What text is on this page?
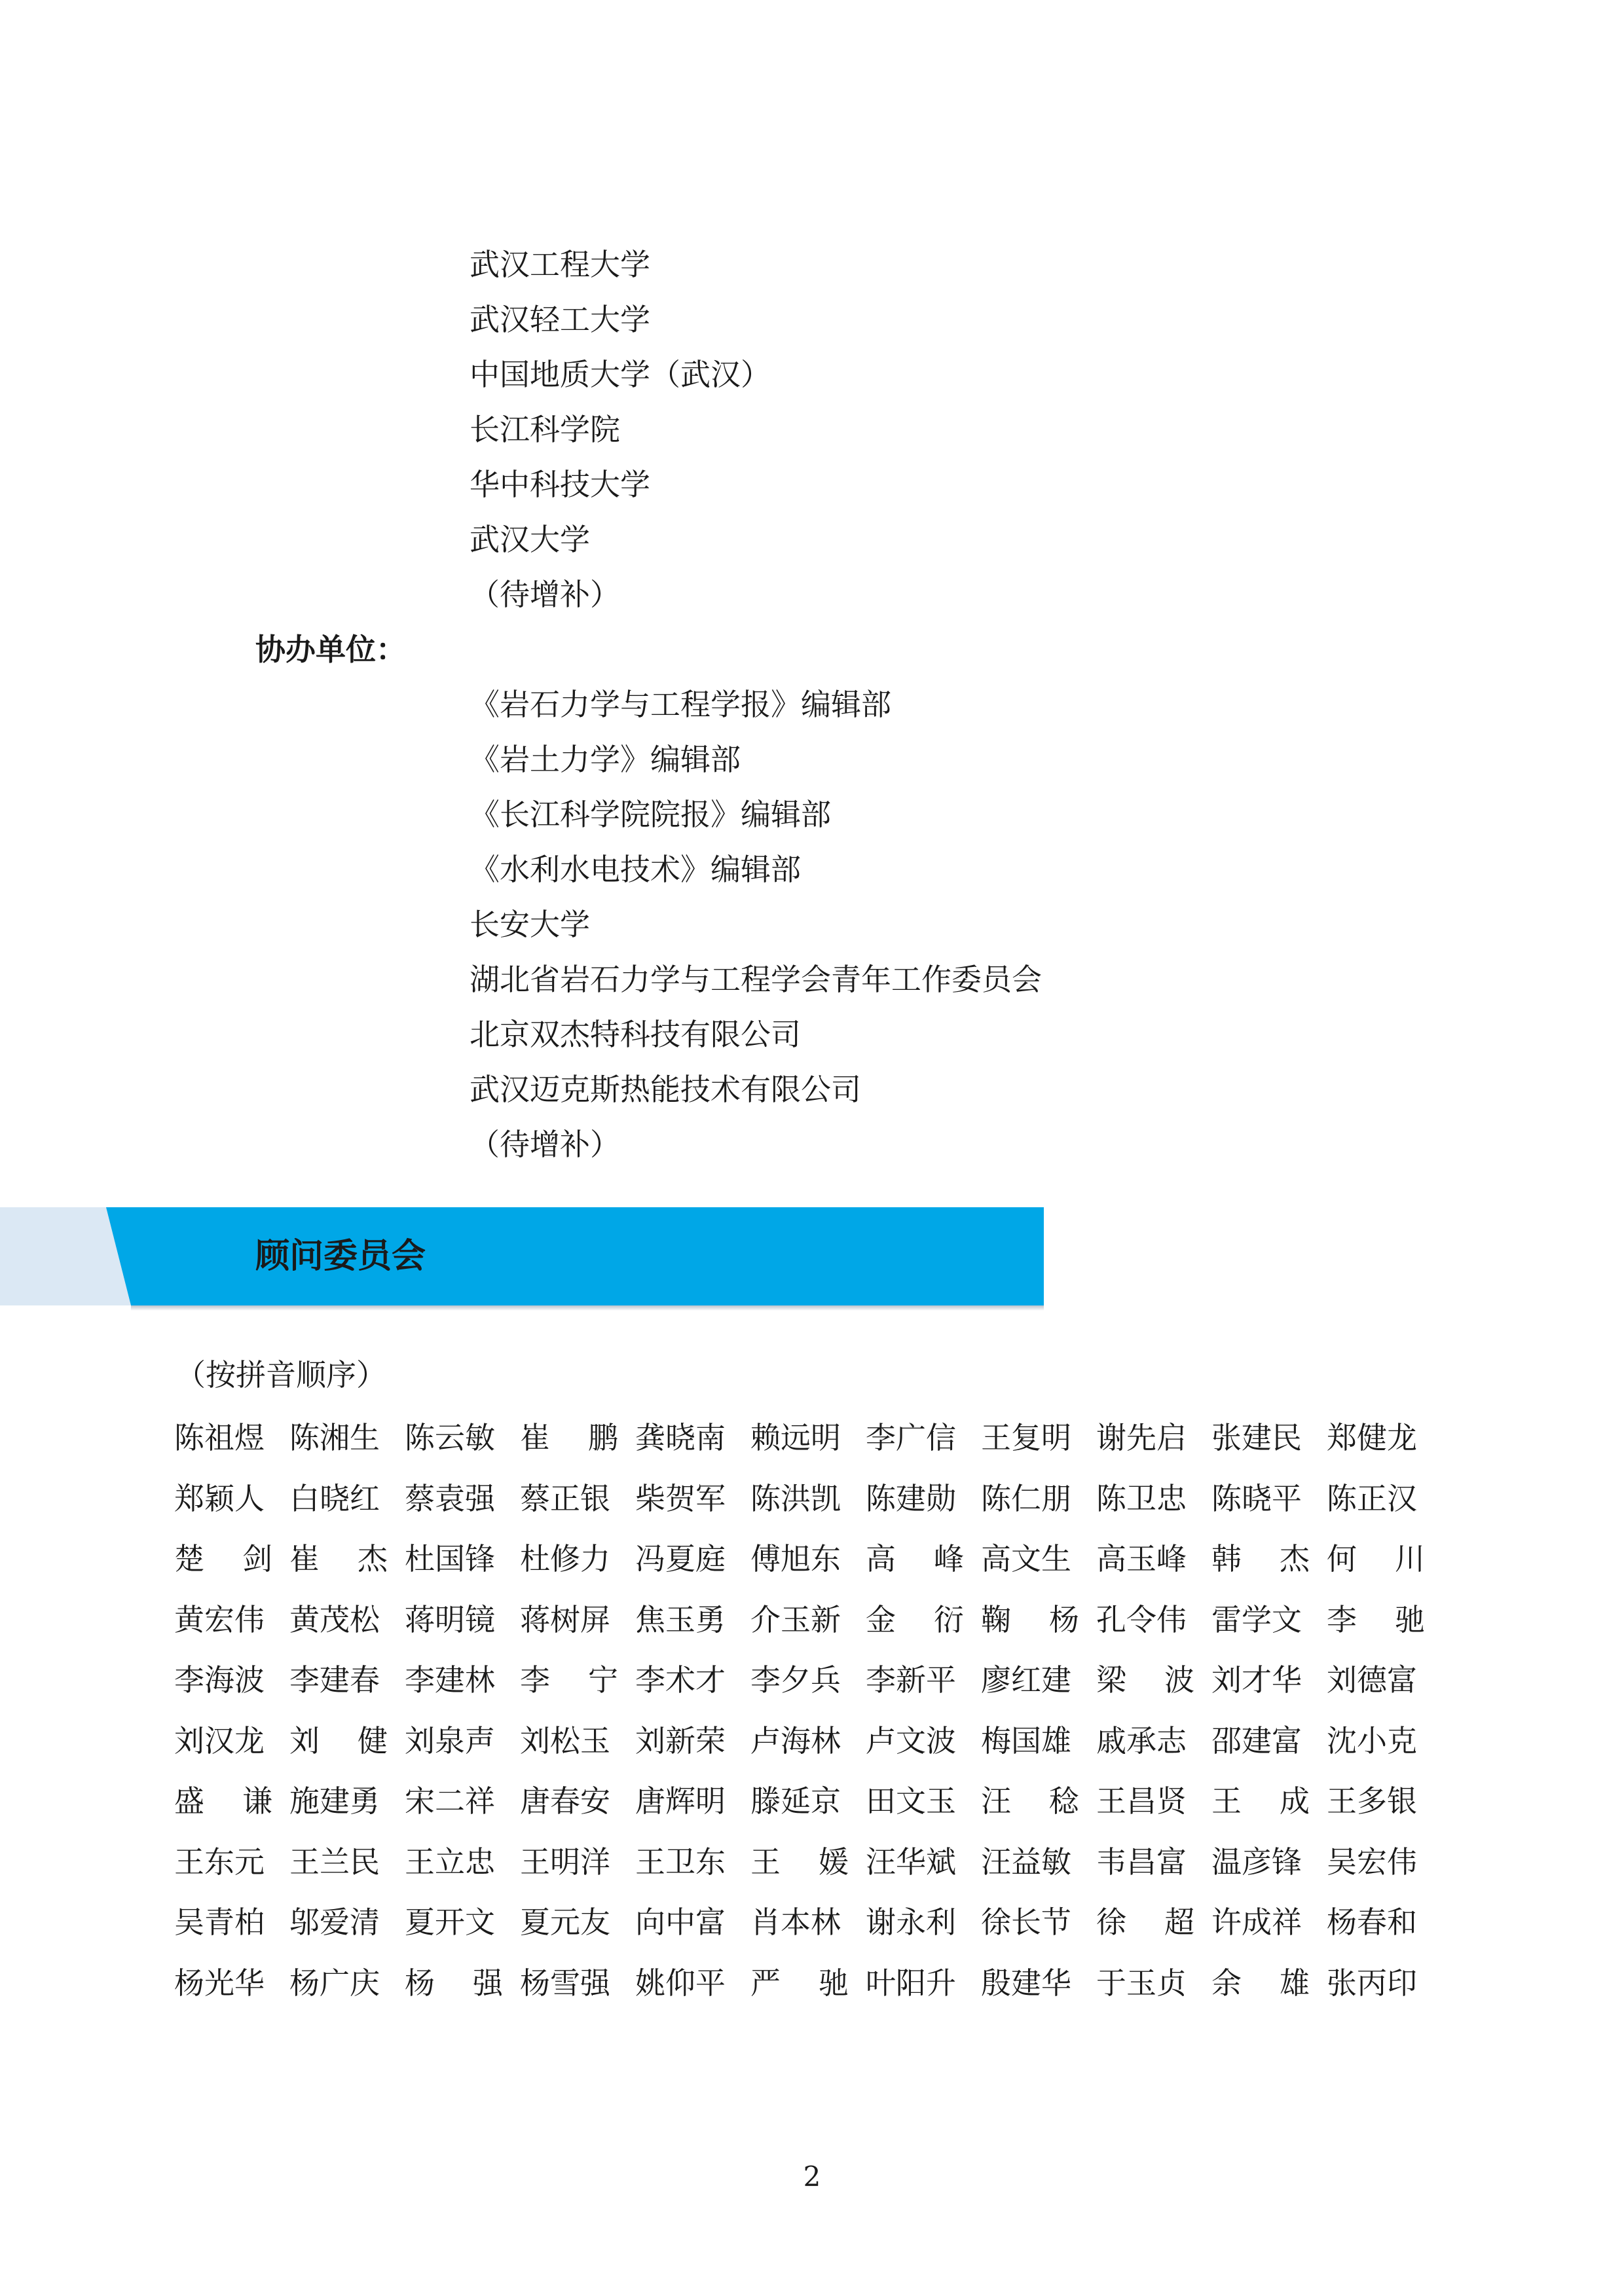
武汉工程大学
武汉轻工大学
中国地质大学（武汉）
长江科学院
华中科技大学
武汉大学
（待增补）
协办单位：
《岩石力学与工程学报》编辑部
《岩土力学》编辑部
《长江科学院院报》编辑部
《水利水电技术》编辑部
长安大学
湖北省岩石力学与工程学会青年工作委员会
北京双杰特科技有限公司
武汉迈克斯热能技术有限公司
（待增补）
顾问委员会
（按拼音顺序）
陈祖煜 陈湘生 陈云敏 崔 鹏 龚晓南 赖远明 李广信 王复明 谢先启 张建民 郑健龙
郑颖人 白晓红 蔡袁强 蔡正银 柴贺军 陈洪凯 陈建勋 陈仁朋 陈卫忠 陈晓平 陈正汉
楚 剑 崔 杰 杜国锋 杜修力 冯夏庭 傅旭东 高 峰 高文生 高玉峰 韩 杰 何 川
黄宏伟 黄茂松 蒋明镜 蒋树屏 焦玉勇 介玉新 金 衍 鞠 杨 孔令伟 雷学文 李 驰
李海波 李建春 李建林 李 宁 李术才 李夕兵 李新平 廖红建 梁 波 刘才华 刘德富
刘汉龙 刘 健 刘泉声 刘松玉 刘新荣 卢海林 卢文波 梅国雄 戚承志 邵建富 沈小克
盛 谦 施建勇 宋二祥 唐春安 唐辉明 滕延京 田文玉 汪 稔 王昌贤 王 成 王多银
王东元 王兰民 王立忠 王明洋 王卫东 王 媛 汪华斌 汪益敏 韦昌富 温彦锋 吴宏伟
吴青柏 邬爱清 夏开文 夏元友 向中富 肖本林 谢永利 徐长节 徐 超 许成祥 杨春和
杨光华 杨广庆 杨 强 杨雪强 姚仰平 严 驰 叶阳升 殷建华 于玉贞 余 雄 张丙印
2
